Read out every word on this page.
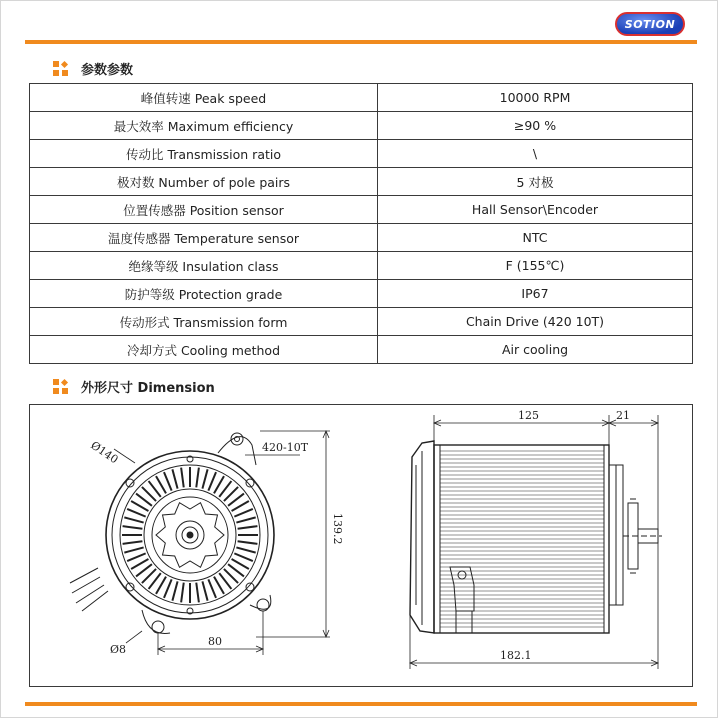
SOTION
参数参数
峰值转速 Peak speed	10000 RPM
最大效率 Maximum efficiency	≥90 %
传动比 Transmission ratio	\
极对数 Number of pole pairs	5 对极
位置传感器 Position sensor	Hall Sensor\Encoder
温度传感器 Temperature sensor	NTC
绝缘等级 Insulation class	F (155℃)
防护等级 Protection grade	IP67
传动形式 Transmission form	Chain Drive (420 10T)
冷却方式 Cooling method	Air cooling
外形尺寸 Dimension
Ø140	420-10T
139.2
Ø8
80
125	21
182.1
